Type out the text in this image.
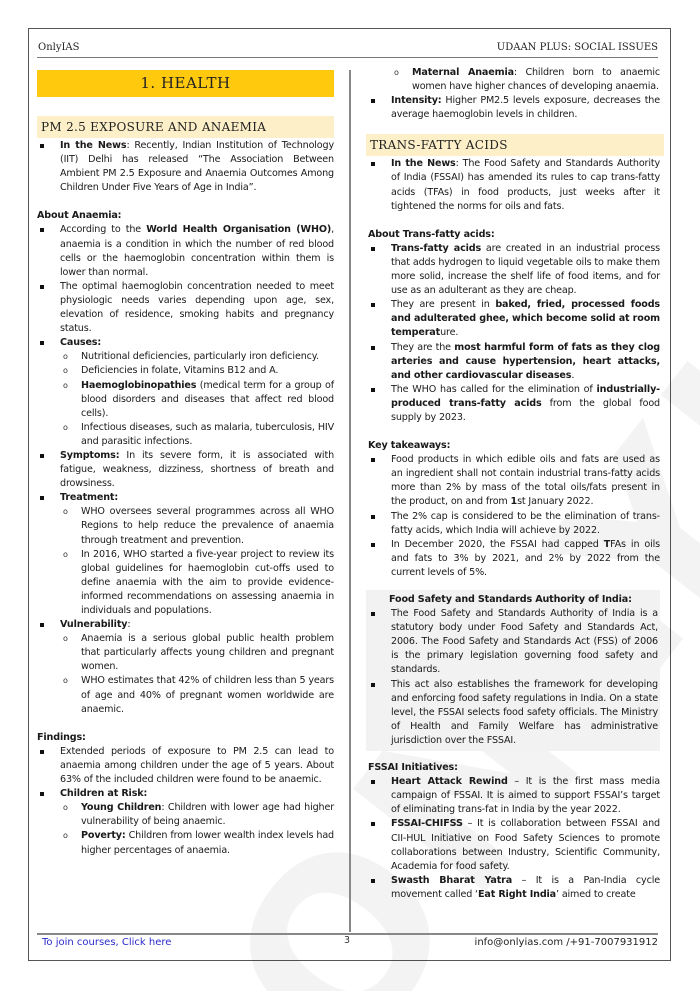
OnlyIAS	UDAAN PLUS: SOCIAL ISSUES
1. HEALTH
PM 2.5 EXPOSURE AND ANAEMIA
In the News: Recently, Indian Institution of Technology (IIT) Delhi has released “The Association Between Ambient PM 2.5 Exposure and Anaemia Outcomes Among Children Under Five Years of Age in India”.
About Anaemia:
According to the World Health Organisation (WHO), anaemia is a condition in which the number of red blood cells or the haemoglobin concentration within them is lower than normal.
The optimal haemoglobin concentration needed to meet physiologic needs varies depending upon age, sex, elevation of residence, smoking habits and pregnancy status.
Causes:
o Nutritional deficiencies, particularly iron deficiency.
o Deficiencies in folate, Vitamins B12 and A.
o Haemoglobinopathies (medical term for a group of blood disorders and diseases that affect red blood cells).
o Infectious diseases, such as malaria, tuberculosis, HIV and parasitic infections.
Symptoms: In its severe form, it is associated with fatigue, weakness, dizziness, shortness of breath and drowsiness.
Treatment:
o WHO oversees several programmes across all WHO Regions to help reduce the prevalence of anaemia through treatment and prevention.
o In 2016, WHO started a five-year project to review its global guidelines for haemoglobin cut-offs used to define anaemia with the aim to provide evidence-informed recommendations on assessing anaemia in individuals and populations.
Vulnerability:
o Anaemia is a serious global public health problem that particularly affects young children and pregnant women.
o WHO estimates that 42% of children less than 5 years of age and 40% of pregnant women worldwide are anaemic.
Findings:
Extended periods of exposure to PM 2.5 can lead to anaemia among children under the age of 5 years. About 63% of the included children were found to be anaemic.
Children at Risk:
o Young Children: Children with lower age had higher vulnerability of being anaemic.
o Poverty: Children from lower wealth index levels had higher percentages of anaemia.
o Maternal Anaemia: Children born to anaemic women have higher chances of developing anaemia.
Intensity: Higher PM2.5 levels exposure, decreases the average haemoglobin levels in children.
TRANS-FATTY ACIDS
In the News: The Food Safety and Standards Authority of India (FSSAI) has amended its rules to cap trans-fatty acids (TFAs) in food products, just weeks after it tightened the norms for oils and fats.
About Trans-fatty acids:
Trans-fatty acids are created in an industrial process that adds hydrogen to liquid vegetable oils to make them more solid, increase the shelf life of food items, and for use as an adulterant as they are cheap.
They are present in baked, fried, processed foods and adulterated ghee, which become solid at room temperature.
They are the most harmful form of fats as they clog arteries and cause hypertension, heart attacks, and other cardiovascular diseases.
The WHO has called for the elimination of industrially-produced trans-fatty acids from the global food supply by 2023.
Key takeaways:
Food products in which edible oils and fats are used as an ingredient shall not contain industrial trans-fatty acids more than 2% by mass of the total oils/fats present in the product, on and from 1st January 2022.
The 2% cap is considered to be the elimination of trans-fatty acids, which India will achieve by 2022.
In December 2020, the FSSAI had capped TFAs in oils and fats to 3% by 2021, and 2% by 2022 from the current levels of 5%.
Food Safety and Standards Authority of India:
The Food Safety and Standards Authority of India is a statutory body under Food Safety and Standards Act, 2006. The Food Safety and Standards Act (FSS) of 2006 is the primary legislation governing food safety and standards.
This act also establishes the framework for developing and enforcing food safety regulations in India. On a state level, the FSSAI selects food safety officials. The Ministry of Health and Family Welfare has administrative jurisdiction over the FSSAI.
FSSAI Initiatives:
Heart Attack Rewind – It is the first mass media campaign of FSSAI. It is aimed to support FSSAI’s target of eliminating trans-fat in India by the year 2022.
FSSAI-CHIFSS – It is collaboration between FSSAI and CII-HUL Initiative on Food Safety Sciences to promote collaborations between Industry, Scientific Community, Academia for food safety.
Swasth Bharat Yatra – It is a Pan-India cycle movement called ‘Eat Right India’ aimed to create
To join courses, Click here	3	info@onlyias.com /+91-7007931912
